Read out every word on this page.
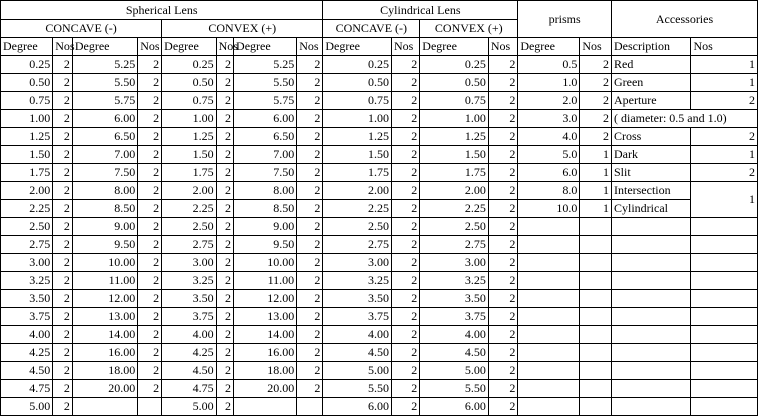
Spherical Lens								Cylindrical Lens				prisms		Accessories	
CONCAVE (-)				CONVEX (+)				CONCAVE (-)		CONVEX (+)					
Degree	Nos	Degree	Nos	Degree	Nos	Degree	Nos	Degree	Nos	Degree	Nos	Degree	Nos	Description	Nos
0.25	2	5.25	2	0.25	2	5.25	2	0.25	2	0.25	2	0.5	2	Red	1
0.50	2	5.50	2	0.50	2	5.50	2	0.50	2	0.50	2	1.0	2	Green	1
0.75	2	5.75	2	0.75	2	5.75	2	0.75	2	0.75	2	2.0	2	Aperture	2
1.00	2	6.00	2	1.00	2	6.00	2	1.00	2	1.00	2	3.0	2	( diameter: 0.5 and 1.0)	
1.25	2	6.50	2	1.25	2	6.50	2	1.25	2	1.25	2	4.0	2	Cross	2
1.50	2	7.00	2	1.50	2	7.00	2	1.50	2	1.50	2	5.0	1	Dark	1
1.75	2	7.50	2	1.75	2	7.50	2	1.75	2	1.75	2	6.0	1	Slit	2
2.00	2	8.00	2	2.00	2	8.00	2	2.00	2	2.00	2	8.0	1	Intersection	1
2.25	2	8.50	2	2.25	2	8.50	2	2.25	2	2.25	2	10.0	1	Cylindrical	
2.50	2	9.00	2	2.50	2	9.00	2	2.50	2	2.50	2				
2.75	2	9.50	2	2.75	2	9.50	2	2.75	2	2.75	2				
3.00	2	10.00	2	3.00	2	10.00	2	3.00	2	3.00	2				
3.25	2	11.00	2	3.25	2	11.00	2	3.25	2	3.25	2				
3.50	2	12.00	2	3.50	2	12.00	2	3.50	2	3.50	2				
3.75	2	13.00	2	3.75	2	13.00	2	3.75	2	3.75	2				
4.00	2	14.00	2	4.00	2	14.00	2	4.00	2	4.00	2				
4.25	2	16.00	2	4.25	2	16.00	2	4.50	2	4.50	2				
4.50	2	18.00	2	4.50	2	18.00	2	5.00	2	5.00	2				
4.75	2	20.00	2	4.75	2	20.00	2	5.50	2	5.50	2				
5.00	2			5.00	2			6.00	2	6.00	2				
